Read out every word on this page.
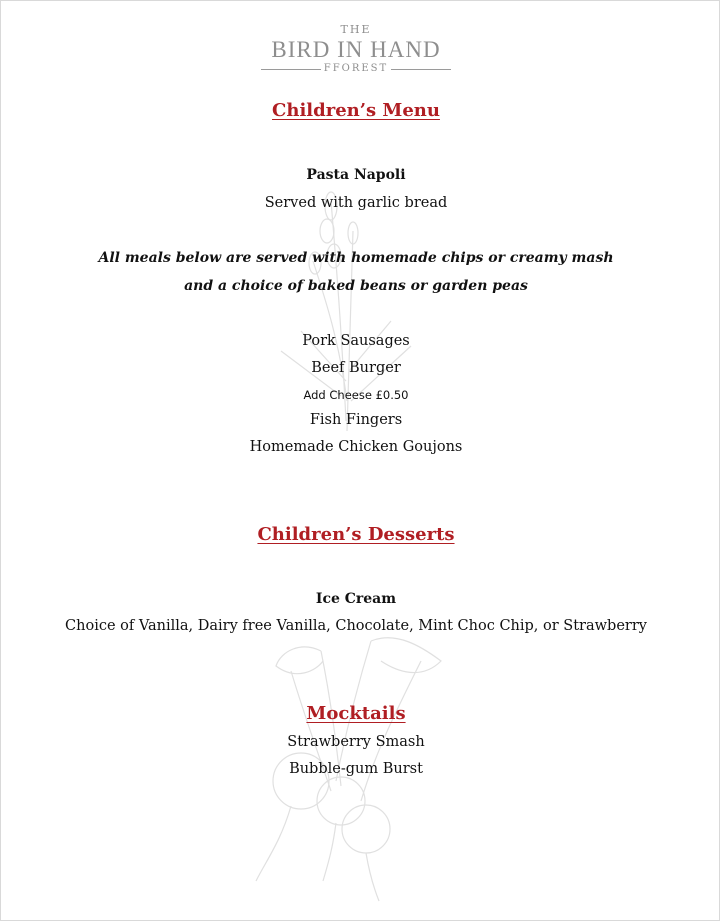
THE
BIRD IN HAND
FFOREST
Children’s Menu
Pasta Napoli
Served with garlic bread
All meals below are served with homemade chips or creamy mash
and a choice of baked beans or garden peas
Pork Sausages
Beef Burger
Add Cheese £0.50
Fish Fingers
Homemade Chicken Goujons
Children’s Desserts
Ice Cream
Choice of Vanilla, Dairy free Vanilla, Chocolate, Mint Choc Chip, or Strawberry
Mocktails
Strawberry Smash
Bubble-gum Burst
